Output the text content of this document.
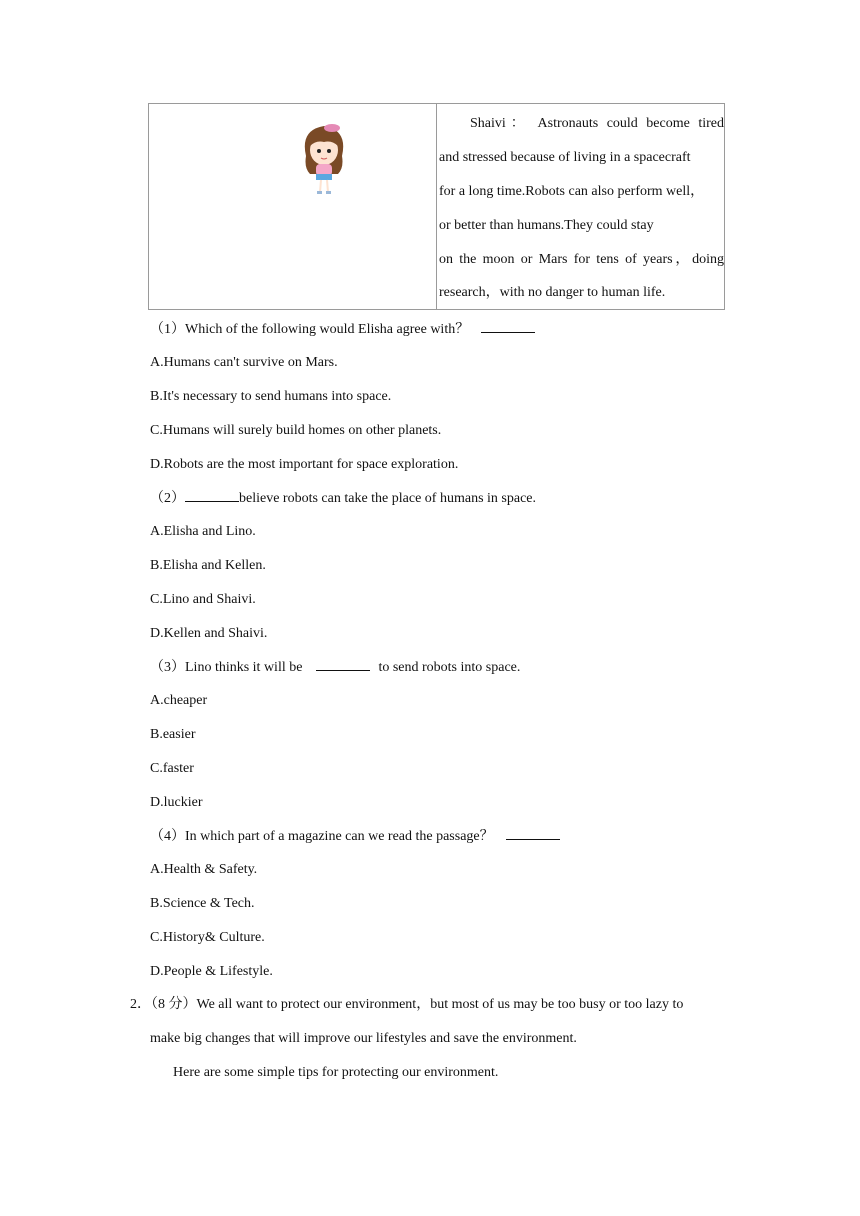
Shaivi： Astronauts could become tired
and stressed because of living in a spacecraft
for a long time.Robots can also perform well，
or better than humans.They could stay
on the moon or Mars for tens of years，doing
research，with no danger to human life.
（1）Which of the following would Elisha agree with？
A.Humans can't survive on Mars.
B.It's necessary to send humans into space.
C.Humans will surely build homes on other planets.
D.Robots are the most important for space exploration.
（2）	believe robots can take the place of humans in space.
A.Elisha and Lino.
B.Elisha and Kellen.
C.Lino and Shaivi.
D.Kellen and Shaivi.
（3）Lino thinks it will be	to send robots into space.
A.cheaper
B.easier
C.faster
D.luckier
（4）In which part of a magazine can we read the passage？
A.Health & Safety.
B.Science & Tech.
C.History& Culture.
D.People & Lifestyle.
2．（8 分）We all want to protect our environment，but most of us may be too busy or too lazy to
make big changes that will improve our lifestyles and save the environment.
Here are some simple tips for protecting our environment.
